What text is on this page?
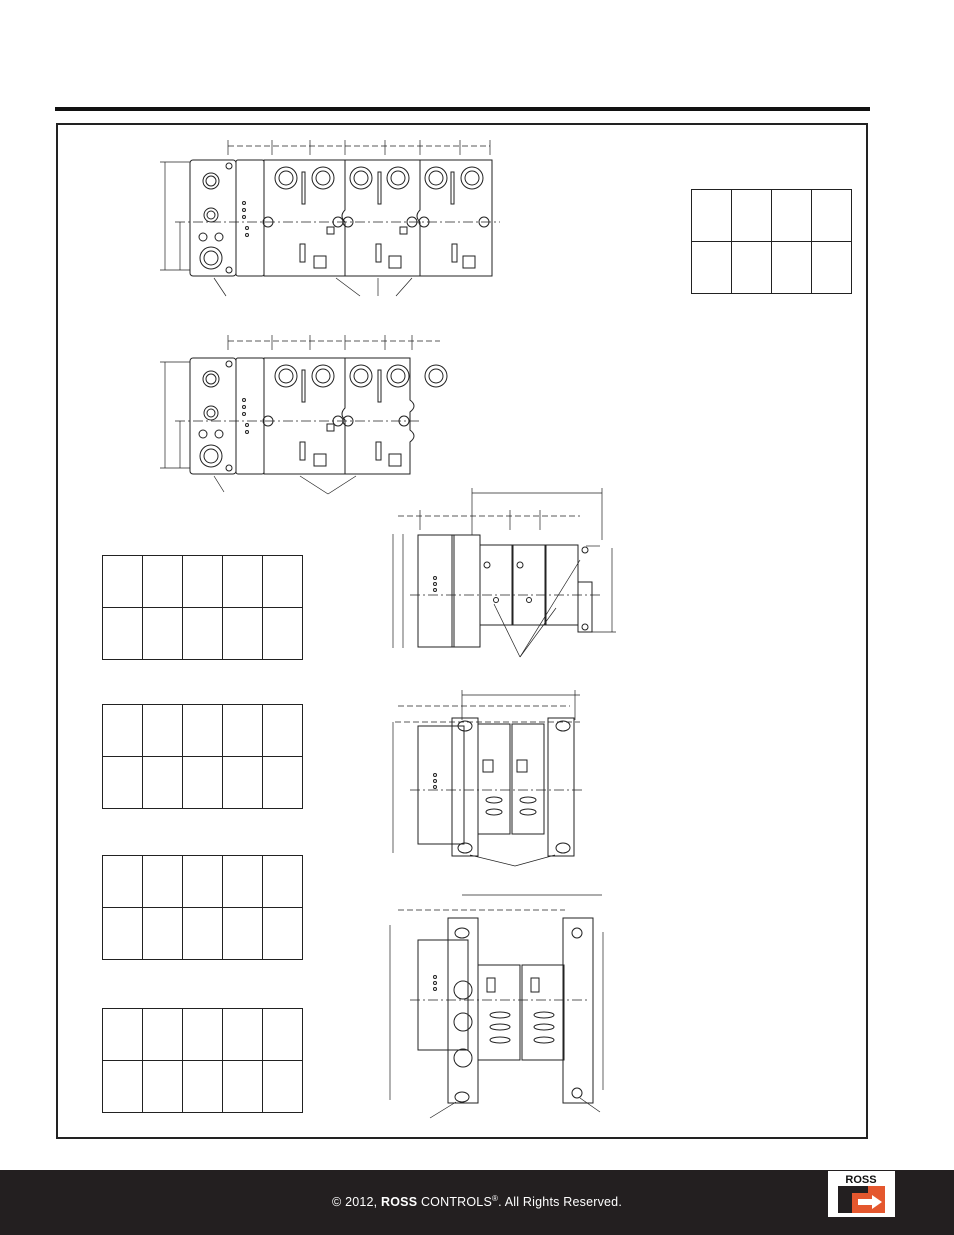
© 2012, ROSS CONTROLS®. All Rights Reserved.
ROSS
